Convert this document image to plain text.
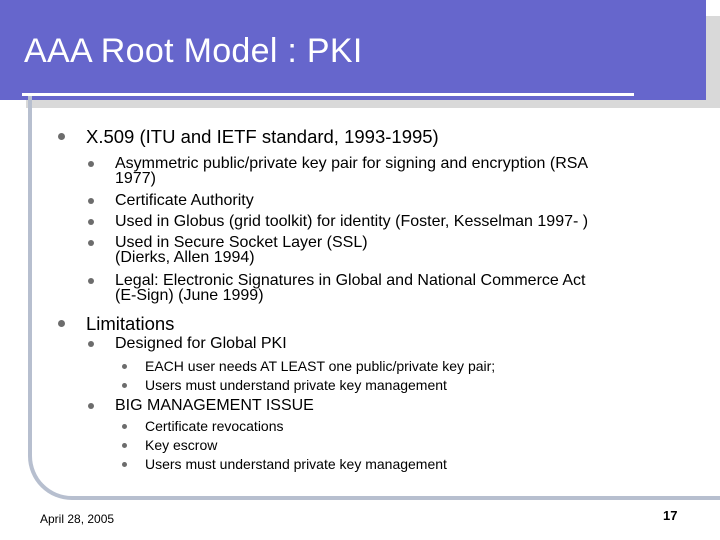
AAA Root Model : PKI
X.509 (ITU and IETF standard, 1993-1995)
Asymmetric public/private key pair for signing and encryption (RSA
1977)
Certificate Authority
Used in Globus (grid toolkit) for identity (Foster, Kesselman 1997- )
Used in Secure Socket Layer (SSL)
(Dierks, Allen 1994)
Legal: Electronic Signatures in Global and National Commerce Act
(E-Sign) (June 1999)
Limitations
Designed for Global PKI
EACH user needs AT LEAST one public/private key pair;
Users must understand private key management
BIG MANAGEMENT ISSUE
Certificate revocations
Key escrow
Users must understand private key management
April 28, 2005	17
